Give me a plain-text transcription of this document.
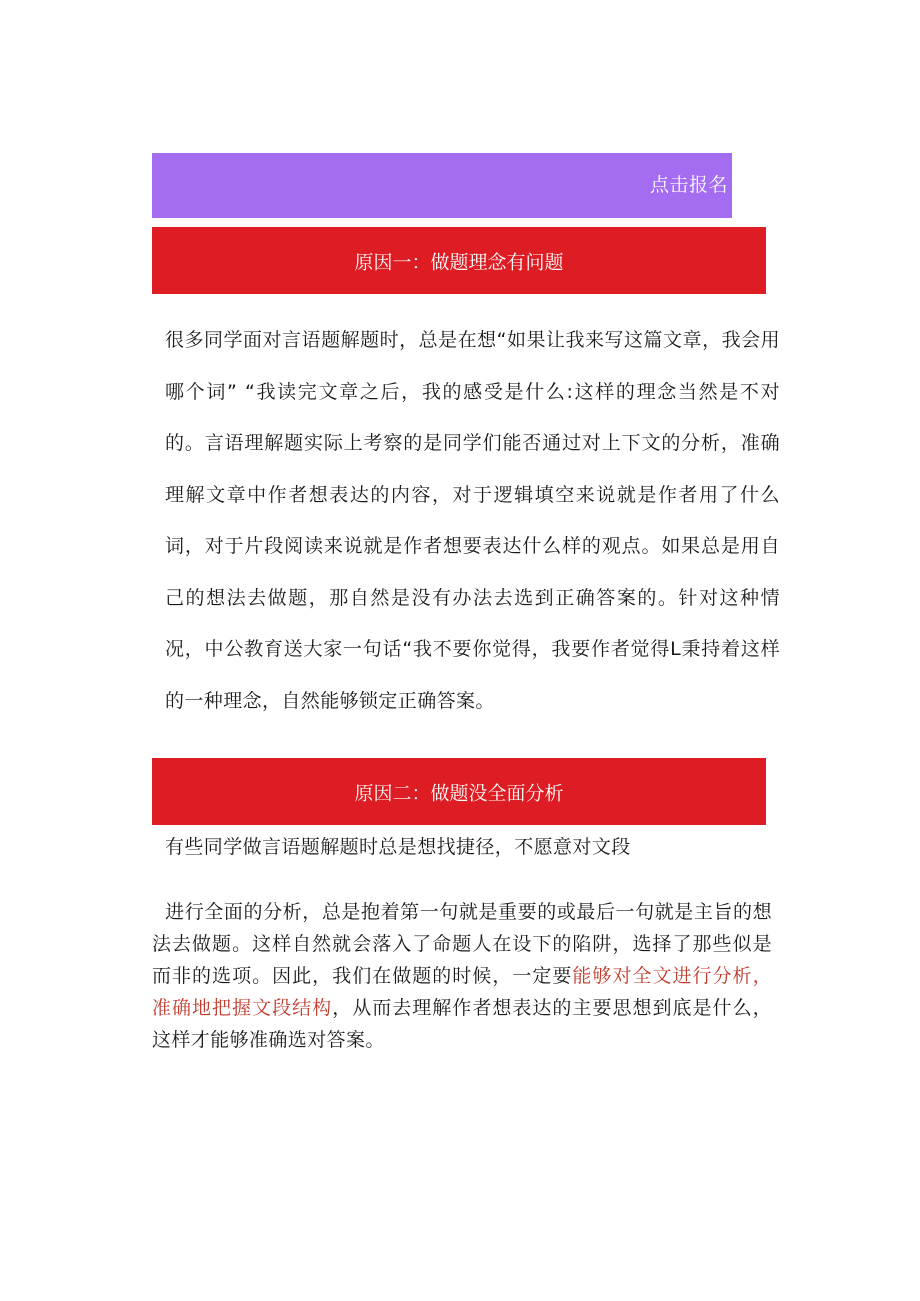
点击报名
原因一：做题理念有问题

很多同学面对言语题解题时，总是在想“如果让我来写这篇文章，我会用哪个词” “我读完文章之后，我的感受是什么:这样的理念当然是不对的。言语理解题实际上考察的是同学们能否通过对上下文的分析，准确理解文章中作者想表达的内容，对于逻辑填空来说就是作者用了什么词，对于片段阅读来说就是作者想要表达什么样的观点。如果总是用自己的想法去做题，那自然是没有办法去选到正确答案的。针对这种情况，中公教育送大家一句话“我不要你觉得，我要作者觉得L秉持着这样的一种理念，自然能够锁定正确答案。

原因二：做题没全面分析

有些同学做言语题解题时总是想找捷径，不愿意对文段

进行全面的分析，总是抱着第一句就是重要的或最后一句就是主旨的想法去做题。这样自然就会落入了命题人在设下的陷阱，选择了那些似是而非的选项。因此，我们在做题的时候，一定要能够对全文进行分析，准确地把握文段结构，从而去理解作者想表达的主要思想到底是什么，这样才能够准确选对答案。
